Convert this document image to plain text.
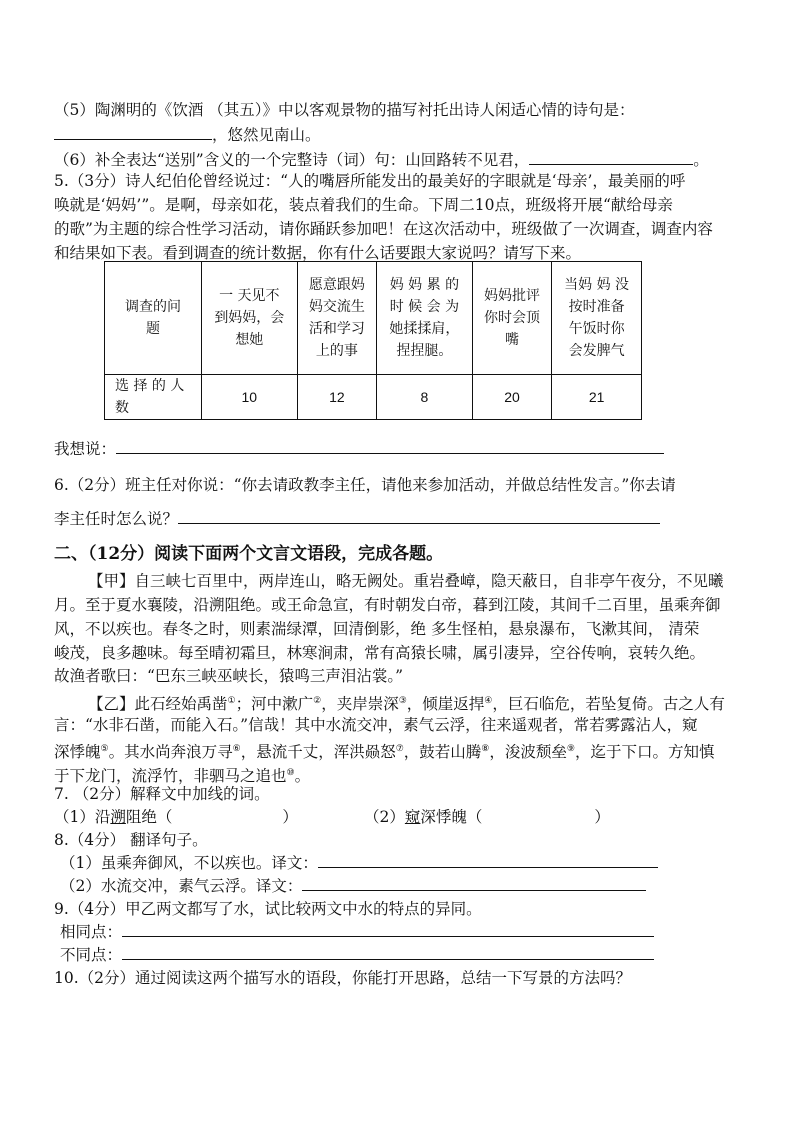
（5）陶渊明的《饮酒 （其五）》中以客观景物的描写衬托出诗人闲适心情的诗句是：
，悠然见南山。
（6）补全表达“送别”含义的一个完整诗（词）句：山回路转不见君，	。
5.（3分）诗人纪伯伦曾经说过：“人的嘴唇所能发出的最美好的字眼就是‘母亲’，最美丽的呼
唤就是‘妈妈’”。是啊，母亲如花，装点着我们的生命。下周二10点，班级将开展“献给母亲
的歌”为主题的综合性学习活动，请你踊跃参加吧！在这次活动中，班级做了一次调查，调查内容
和结果如下表。看到调查的统计数据，你有什么话要跟大家说吗？请写下来。
调查的问
题	一 天见不
到妈妈，会
想她	愿意跟妈
妈交流生
活和学习
上的事	妈 妈 累 的
时 候 会 为
她揉揉肩，
捏捏腿。	妈妈批评
你时会顶
嘴	当妈 妈 没
按时准备
午饭时你
会发脾气
选 择 的 人
数	10	12	8	20	21
我想说：
6.（2分）班主任对你说：“你去请政教李主任，请他来参加活动，并做总结性发言。”你去请
李主任时怎么说？
二、（12分）阅读下面两个文言文语段，完成各题。
【甲】自三峡七百里中，两岸连山，略无阙处。重岩叠嶂，隐天蔽日，自非亭午夜分，不见曦
月。至于夏水襄陵，沿溯阻绝。或王命急宣，有时朝发白帝，暮到江陵，其间千二百里，虽乘奔御
风，不以疾也。春冬之时，则素湍绿潭，回清倒影，绝 多生怪柏，悬泉瀑布，飞漱其间， 清荣
峻茂，良多趣味。每至晴初霜旦，林寒涧肃，常有高猿长啸，属引凄异，空谷传响，哀转久绝。
故渔者歌曰：“巴东三峡巫峡长，猿鸣三声泪沾裳。”
【乙】此石经始禹凿①；河中漱广②，夹岸崇深③，倾崖返捍④，巨石临危，若坠复倚。古之人有
言：“水非石凿，而能入石。”信哉！其中水流交冲，素气云浮，往来遥观者，常若雾露沾人，窥
深悸魄⑤。其水尚奔浪万寻⑥，悬流千丈，浑洪赑怒⑦，鼓若山腾⑧，浚波颓垒⑨，迄于下口。方知慎
于下龙门，流浮竹，非驷马之追也⑩。
7. （2分）解释文中加线的词。
（1）沿溯阻绝（	）	（2）窥深悸魄（	）
8.（4分） 翻译句子。
（1）虽乘奔御风，不以疾也。译文：
（2）水流交冲，素气云浮。译文：
9.（4分）甲乙两文都写了水，试比较两文中水的特点的异同。
相同点：
不同点：
10.（2分）通过阅读这两个描写水的语段，你能打开思路，总结一下写景的方法吗？
